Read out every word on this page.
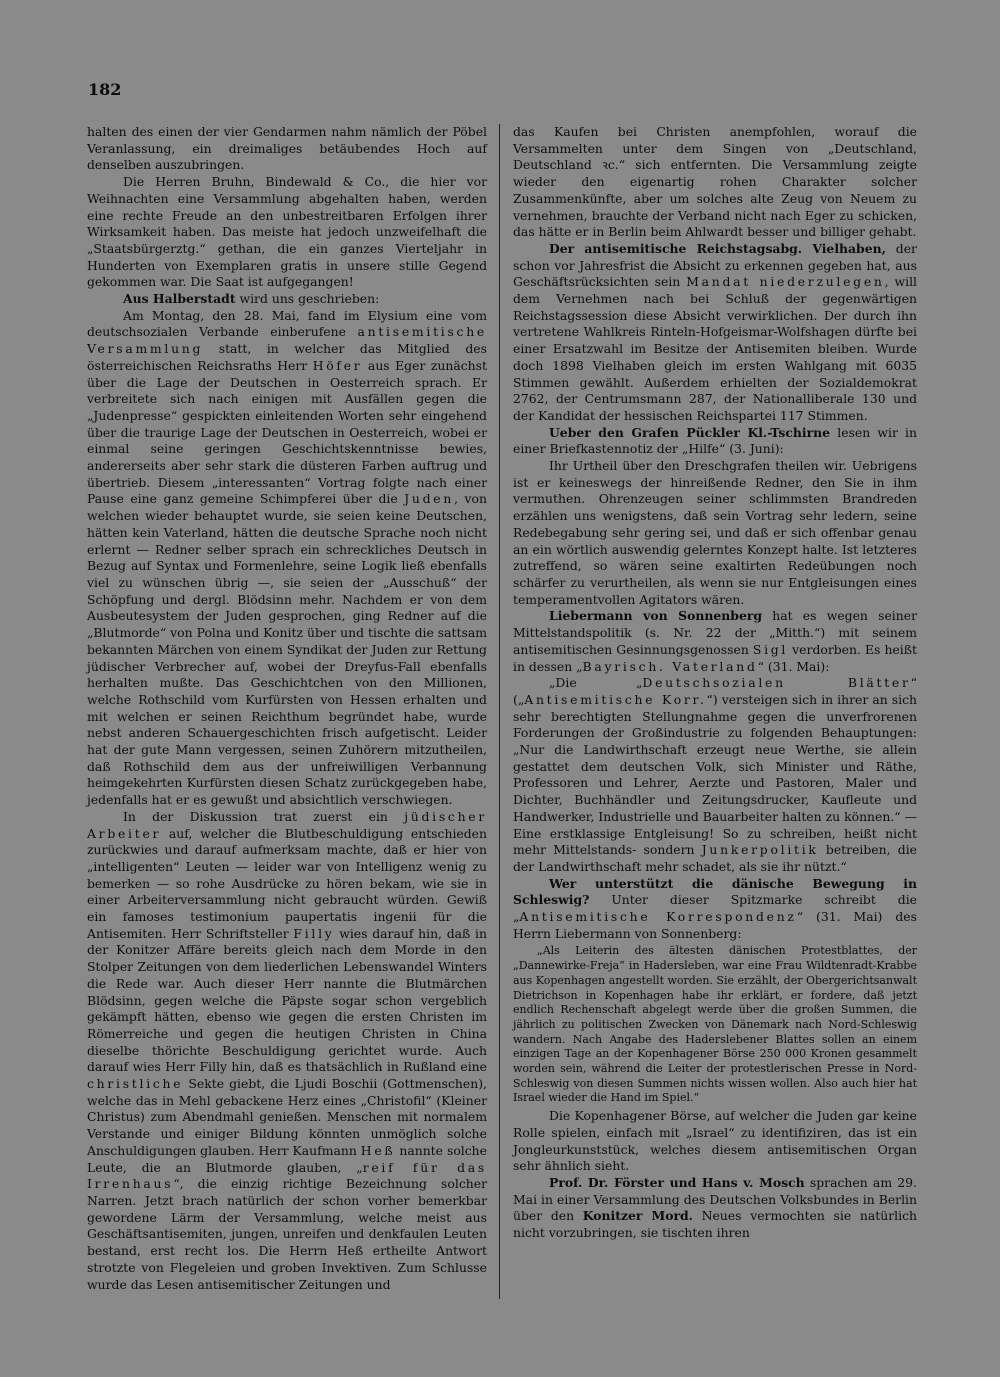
182

halten des einen der vier Gendarmen nahm nämlich der Pöbel Veranlassung, ein dreimaliges betäubendes Hoch auf denselben auszubringen.

Die Herren Bruhn, Bindewald & Co., die hier vor Weihnachten eine Versammlung abgehalten haben, werden eine rechte Freude an den unbestreitbaren Erfolgen ihrer Wirksamkeit haben. Das meiste hat jedoch unzweifelhaft die „Staatsbürgerztg.“ gethan, die ein ganzes Vierteljahr in Hunderten von Exemplaren gratis in unsere stille Gegend gekommen war. Die Saat ist aufgegangen!

Aus Halberstadt wird uns geschrieben:

Am Montag, den 28. Mai, fand im Elysium eine vom deutschsozialen Verbande einberufene antisemitische Versammlung statt, in welcher das Mitglied des österreichischen Reichsraths Herr Höfer aus Eger zunächst über die Lage der Deutschen in Oesterreich sprach. Er verbreitete sich nach einigen mit Ausfällen gegen die „Judenpresse“ gespickten einleitenden Worten sehr eingehend über die traurige Lage der Deutschen in Oesterreich, wobei er einmal seine geringen Geschichtskenntnisse bewies, andererseits aber sehr stark die düsteren Farben auftrug und übertrieb. Diesem „interessanten“ Vortrag folgte nach einer Pause eine ganz gemeine Schimpferei über die Juden, von welchen wieder behauptet wurde, sie seien keine Deutschen, hätten kein Vaterland, hätten die deutsche Sprache noch nicht erlernt — Redner selber sprach ein schreckliches Deutsch in Bezug auf Syntax und Formenlehre, seine Logik ließ ebenfalls viel zu wünschen übrig —, sie seien der „Ausschuß“ der Schöpfung und dergl. Blödsinn mehr. Nachdem er von dem Ausbeutesystem der Juden gesprochen, ging Redner auf die „Blutmorde“ von Polna und Konitz über und tischte die sattsam bekannten Märchen von einem Syndikat der Juden zur Rettung jüdischer Verbrecher auf, wobei der Dreyfus-Fall ebenfalls herhalten mußte. Das Geschichtchen von den Millionen, welche Rothschild vom Kurfürsten von Hessen erhalten und mit welchen er seinen Reichthum begründet habe, wurde nebst anderen Schauergeschichten frisch aufgetischt. Leider hat der gute Mann vergessen, seinen Zuhörern mitzutheilen, daß Rothschild dem aus der unfreiwilligen Verbannung heimgekehrten Kurfürsten diesen Schatz zurückgegeben habe, jedenfalls hat er es gewußt und absichtlich verschwiegen.

In der Diskussion trat zuerst ein jüdischer Arbeiter auf, welcher die Blutbeschuldigung entschieden zurückwies und darauf aufmerksam machte, daß er hier von „intelligenten“ Leuten — leider war von Intelligenz wenig zu bemerken — so rohe Ausdrücke zu hören bekam, wie sie in einer Arbeiterversammlung nicht gebraucht würden. Gewiß ein famoses testimonium paupertatis ingenii für die Antisemiten. Herr Schriftsteller Filly wies darauf hin, daß in der Konitzer Affäre bereits gleich nach dem Morde in den Stolper Zeitungen von dem liederlichen Lebenswandel Winters die Rede war. Auch dieser Herr nannte die Blutmärchen Blödsinn, gegen welche die Päpste sogar schon vergeblich gekämpft hätten, ebenso wie gegen die ersten Christen im Römerreiche und gegen die heutigen Christen in China dieselbe thörichte Beschuldigung gerichtet wurde. Auch darauf wies Herr Filly hin, daß es thatsächlich in Rußland eine christliche Sekte giebt, die Ljudi Boschii (Gottmenschen), welche das in Mehl gebackene Herz eines „Christofil“ (Kleiner Christus) zum Abendmahl genießen. Menschen mit normalem Verstande und einiger Bildung könnten unmöglich solche Anschuldigungen glauben. Herr Kaufmann Heß nannte solche Leute, die an Blutmorde glauben, „reif für das Irrenhaus“, die einzig richtige Bezeichnung solcher Narren. Jetzt brach natürlich der schon vorher bemerkbar gewordene Lärm der Versammlung, welche meist aus Geschäftsantisemiten, jungen, unreifen und denkfaulen Leuten bestand, erst recht los. Die Herrn Heß ertheilte Antwort strotzte von Flegeleien und groben Invektiven. Zum Schlusse wurde das Lesen antisemitischer Zeitungen und

das Kaufen bei Christen anempfohlen, worauf die Versammelten unter dem Singen von „Deutschland, Deutschland ꝛc.“ sich entfernten. Die Versammlung zeigte wieder den eigenartig rohen Charakter solcher Zusammenkünfte, aber um solches alte Zeug von Neuem zu vernehmen, brauchte der Verband nicht nach Eger zu schicken, das hätte er in Berlin beim Ahlwardt besser und billiger gehabt.

Der antisemitische Reichstagsabg. Vielhaben, der schon vor Jahresfrist die Absicht zu erkennen gegeben hat, aus Geschäftsrücksichten sein Mandat niederzulegen, will dem Vernehmen nach bei Schluß der gegenwärtigen Reichstagssession diese Absicht verwirklichen. Der durch ihn vertretene Wahlkreis Rinteln-Hofgeismar-Wolfshagen dürfte bei einer Ersatzwahl im Besitze der Antisemiten bleiben. Wurde doch 1898 Vielhaben gleich im ersten Wahlgang mit 6035 Stimmen gewählt. Außerdem erhielten der Sozialdemokrat 2762, der Centrumsmann 287, der Nationalliberale 130 und der Kandidat der hessischen Reichspartei 117 Stimmen.

Ueber den Grafen Pückler Kl.-Tschirne lesen wir in einer Briefkastennotiz der „Hilfe“ (3. Juni):

Ihr Urtheil über den Dreschgrafen theilen wir. Uebrigens ist er keineswegs der hinreißende Redner, den Sie in ihm vermuthen. Ohrenzeugen seiner schlimmsten Brandreden erzählen uns wenigstens, daß sein Vortrag sehr ledern, seine Redebegabung sehr gering sei, und daß er sich offenbar genau an ein wörtlich auswendig gelerntes Konzept halte. Ist letzteres zutreffend, so wären seine exaltirten Redeübungen noch schärfer zu verurtheilen, als wenn sie nur Entgleisungen eines temperamentvollen Agitators wären.

Liebermann von Sonnenberg hat es wegen seiner Mittelstandspolitik (s. Nr. 22 der „Mitth.“) mit seinem antisemitischen Gesinnungsgenossen Sigl verdorben. Es heißt in dessen „Bayrisch. Vaterland“ (31. Mai):

„Die „Deutschsozialen Blätter“ („Antisemitische Korr.“) versteigen sich in ihrer an sich sehr berechtigten Stellungnahme gegen die unverfrorenen Forderungen der Großindustrie zu folgenden Behauptungen: „Nur die Landwirthschaft erzeugt neue Werthe, sie allein gestattet dem deutschen Volk, sich Minister und Räthe, Professoren und Lehrer, Aerzte und Pastoren, Maler und Dichter, Buchhändler und Zeitungsdrucker, Kaufleute und Handwerker, Industrielle und Bauarbeiter halten zu können.“ — Eine erstklassige Entgleisung! So zu schreiben, heißt nicht mehr Mittelstands- sondern Junkerpolitik betreiben, die der Landwirthschaft mehr schadet, als sie ihr nützt.“

Wer unterstützt die dänische Bewegung in Schleswig? Unter dieser Spitzmarke schreibt die „Antisemitische Korrespondenz“ (31. Mai) des Herrn Liebermann von Sonnenberg:

„Als Leiterin des ältesten dänischen Protestblattes, der „Dannewirke-Freja“ in Hadersleben, war eine Frau Wildtenradt-Krabbe aus Kopenhagen angestellt worden. Sie erzählt, der Obergerichtsanwalt Dietrichson in Kopenhagen habe ihr erklärt, er fordere, daß jetzt endlich Rechenschaft abgelegt werde über die großen Summen, die jährlich zu politischen Zwecken von Dänemark nach Nord-Schleswig wandern. Nach Angabe des Haderslebener Blattes sollen an einem einzigen Tage an der Kopenhagener Börse 250 000 Kronen gesammelt worden sein, während die Leiter der protestlerischen Presse in Nord-Schleswig von diesen Summen nichts wissen wollen. Also auch hier hat Israel wieder die Hand im Spiel.“

Die Kopenhagener Börse, auf welcher die Juden gar keine Rolle spielen, einfach mit „Israel“ zu identifiziren, das ist ein Jongleurkunststück, welches diesem antisemitischen Organ sehr ähnlich sieht.

Prof. Dr. Förster und Hans v. Mosch sprachen am 29. Mai in einer Versammlung des Deutschen Volksbundes in Berlin über den Konitzer Mord. Neues vermochten sie natürlich nicht vorzubringen, sie tischten ihren
